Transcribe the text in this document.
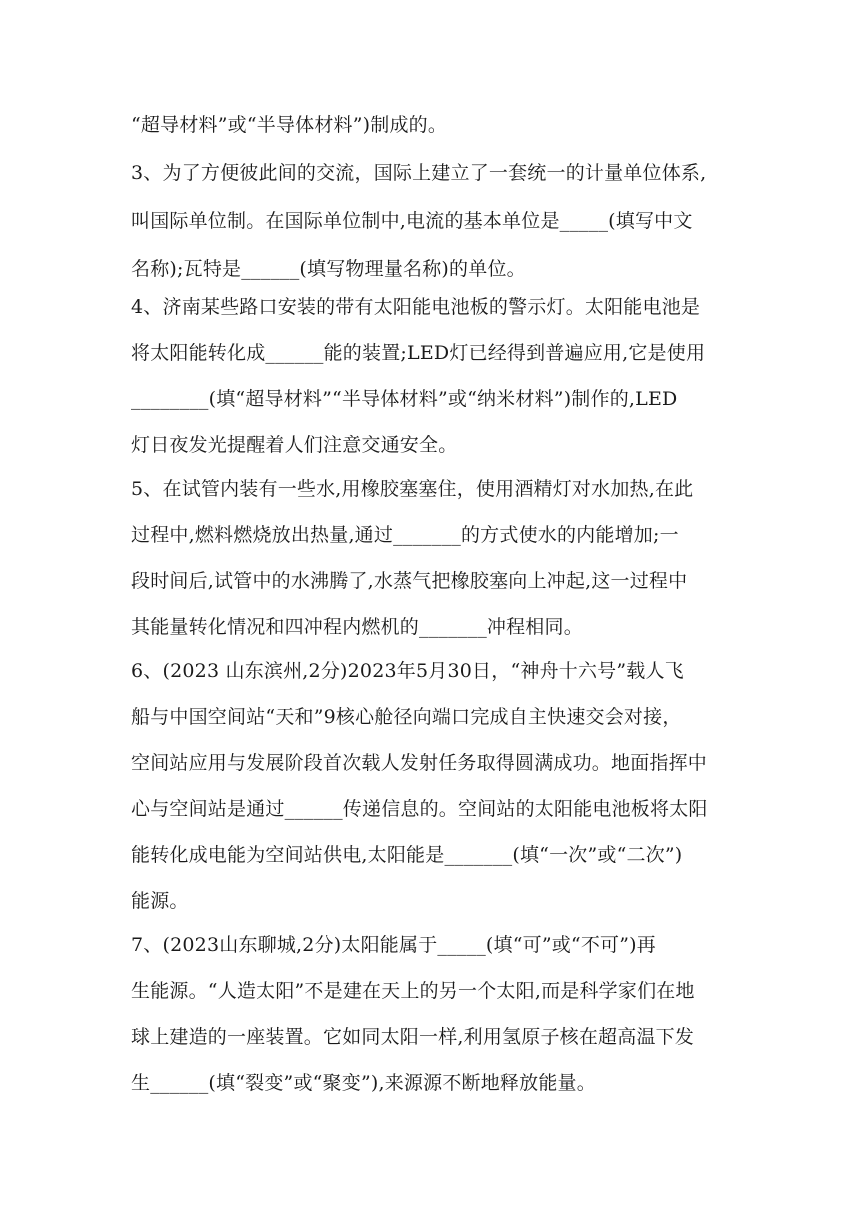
“超导材料”或“半导体材料”)制成的。
3、为了方便彼此间的交流，国际上建立了一套统一的计量单位体系,
叫国际单位制。在国际单位制中,电流的基本单位是_____(填写中文
名称);瓦特是______(填写物理量名称)的单位。
4、济南某些路口安装的带有太阳能电池板的警示灯。太阳能电池是
将太阳能转化成______能的装置;LED灯已经得到普遍应用,它是使用
________(填“超导材料”“半导体材料”或“纳米材料”)制作的,LED
灯日夜发光提醒着人们注意交通安全。
5、在试管内装有一些水,用橡胶塞塞住，使用酒精灯对水加热,在此
过程中,燃料燃烧放出热量,通过_______的方式使水的内能增加;一
段时间后,试管中的水沸腾了,水蒸气把橡胶塞向上冲起,这一过程中
其能量转化情况和四冲程内燃机的_______冲程相同。
6、(2023 山东滨州,2分)2023年5月30日，“神舟十六号”载人飞
船与中国空间站“天和”9核心舱径向端口完成自主快速交会对接，
空间站应用与发展阶段首次载人发射任务取得圆满成功。地面指挥中
心与空间站是通过______传递信息的。空间站的太阳能电池板将太阳
能转化成电能为空间站供电,太阳能是_______(填“一次”或“二次”)
能源。
7、(2023山东聊城,2分)太阳能属于_____(填“可”或“不可”)再
生能源。“人造太阳”不是建在天上的另一个太阳,而是科学家们在地
球上建造的一座装置。它如同太阳一样,利用氢原子核在超高温下发
生______(填“裂变”或“聚变”),来源源不断地释放能量。
